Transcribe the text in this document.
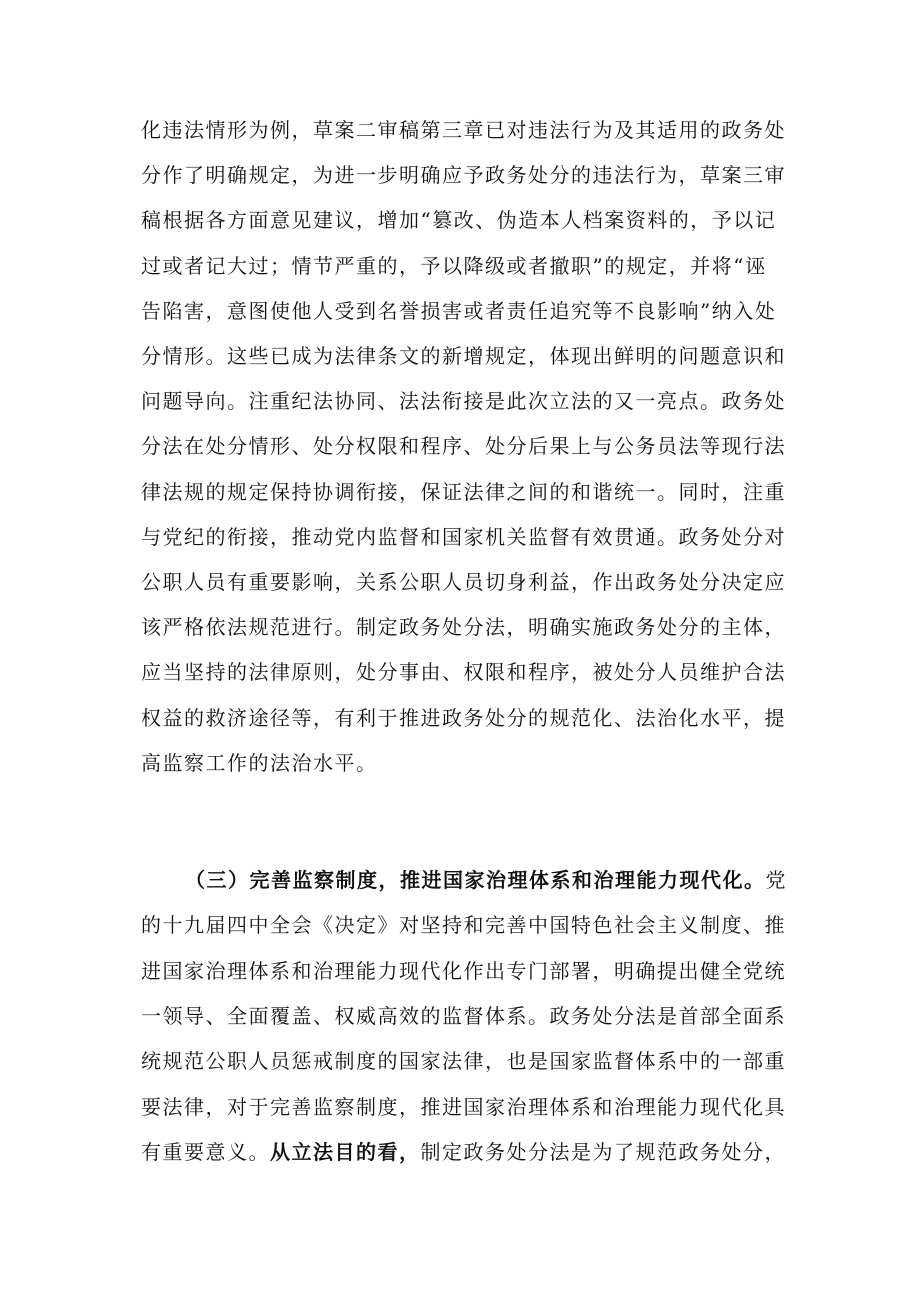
化违法情形为例，草案二审稿第三章已对违法行为及其适用的政务处
分作了明确规定，为进一步明确应予政务处分的违法行为，草案三审
稿根据各方面意见建议，增加“篡改、伪造本人档案资料的，予以记
过或者记大过；情节严重的，予以降级或者撤职”的规定，并将“诬
告陷害，意图使他人受到名誉损害或者责任追究等不良影响”纳入处
分情形。这些已成为法律条文的新增规定，体现出鲜明的问题意识和
问题导向。注重纪法协同、法法衔接是此次立法的又一亮点。政务处
分法在处分情形、处分权限和程序、处分后果上与公务员法等现行法
律法规的规定保持协调衔接，保证法律之间的和谐统一。同时，注重
与党纪的衔接，推动党内监督和国家机关监督有效贯通。政务处分对
公职人员有重要影响，关系公职人员切身利益，作出政务处分决定应
该严格依法规范进行。制定政务处分法，明确实施政务处分的主体，
应当坚持的法律原则，处分事由、权限和程序，被处分人员维护合法
权益的救济途径等，有利于推进政务处分的规范化、法治化水平，提
高监察工作的法治水平。
（三）完善监察制度，推进国家治理体系和治理能力现代化。党
的十九届四中全会《决定》对坚持和完善中国特色社会主义制度、推
进国家治理体系和治理能力现代化作出专门部署，明确提出健全党统
一领导、全面覆盖、权威高效的监督体系。政务处分法是首部全面系
统规范公职人员惩戒制度的国家法律，也是国家监督体系中的一部重
要法律，对于完善监察制度，推进国家治理体系和治理能力现代化具
有重要意义。从立法目的看，制定政务处分法是为了规范政务处分，
